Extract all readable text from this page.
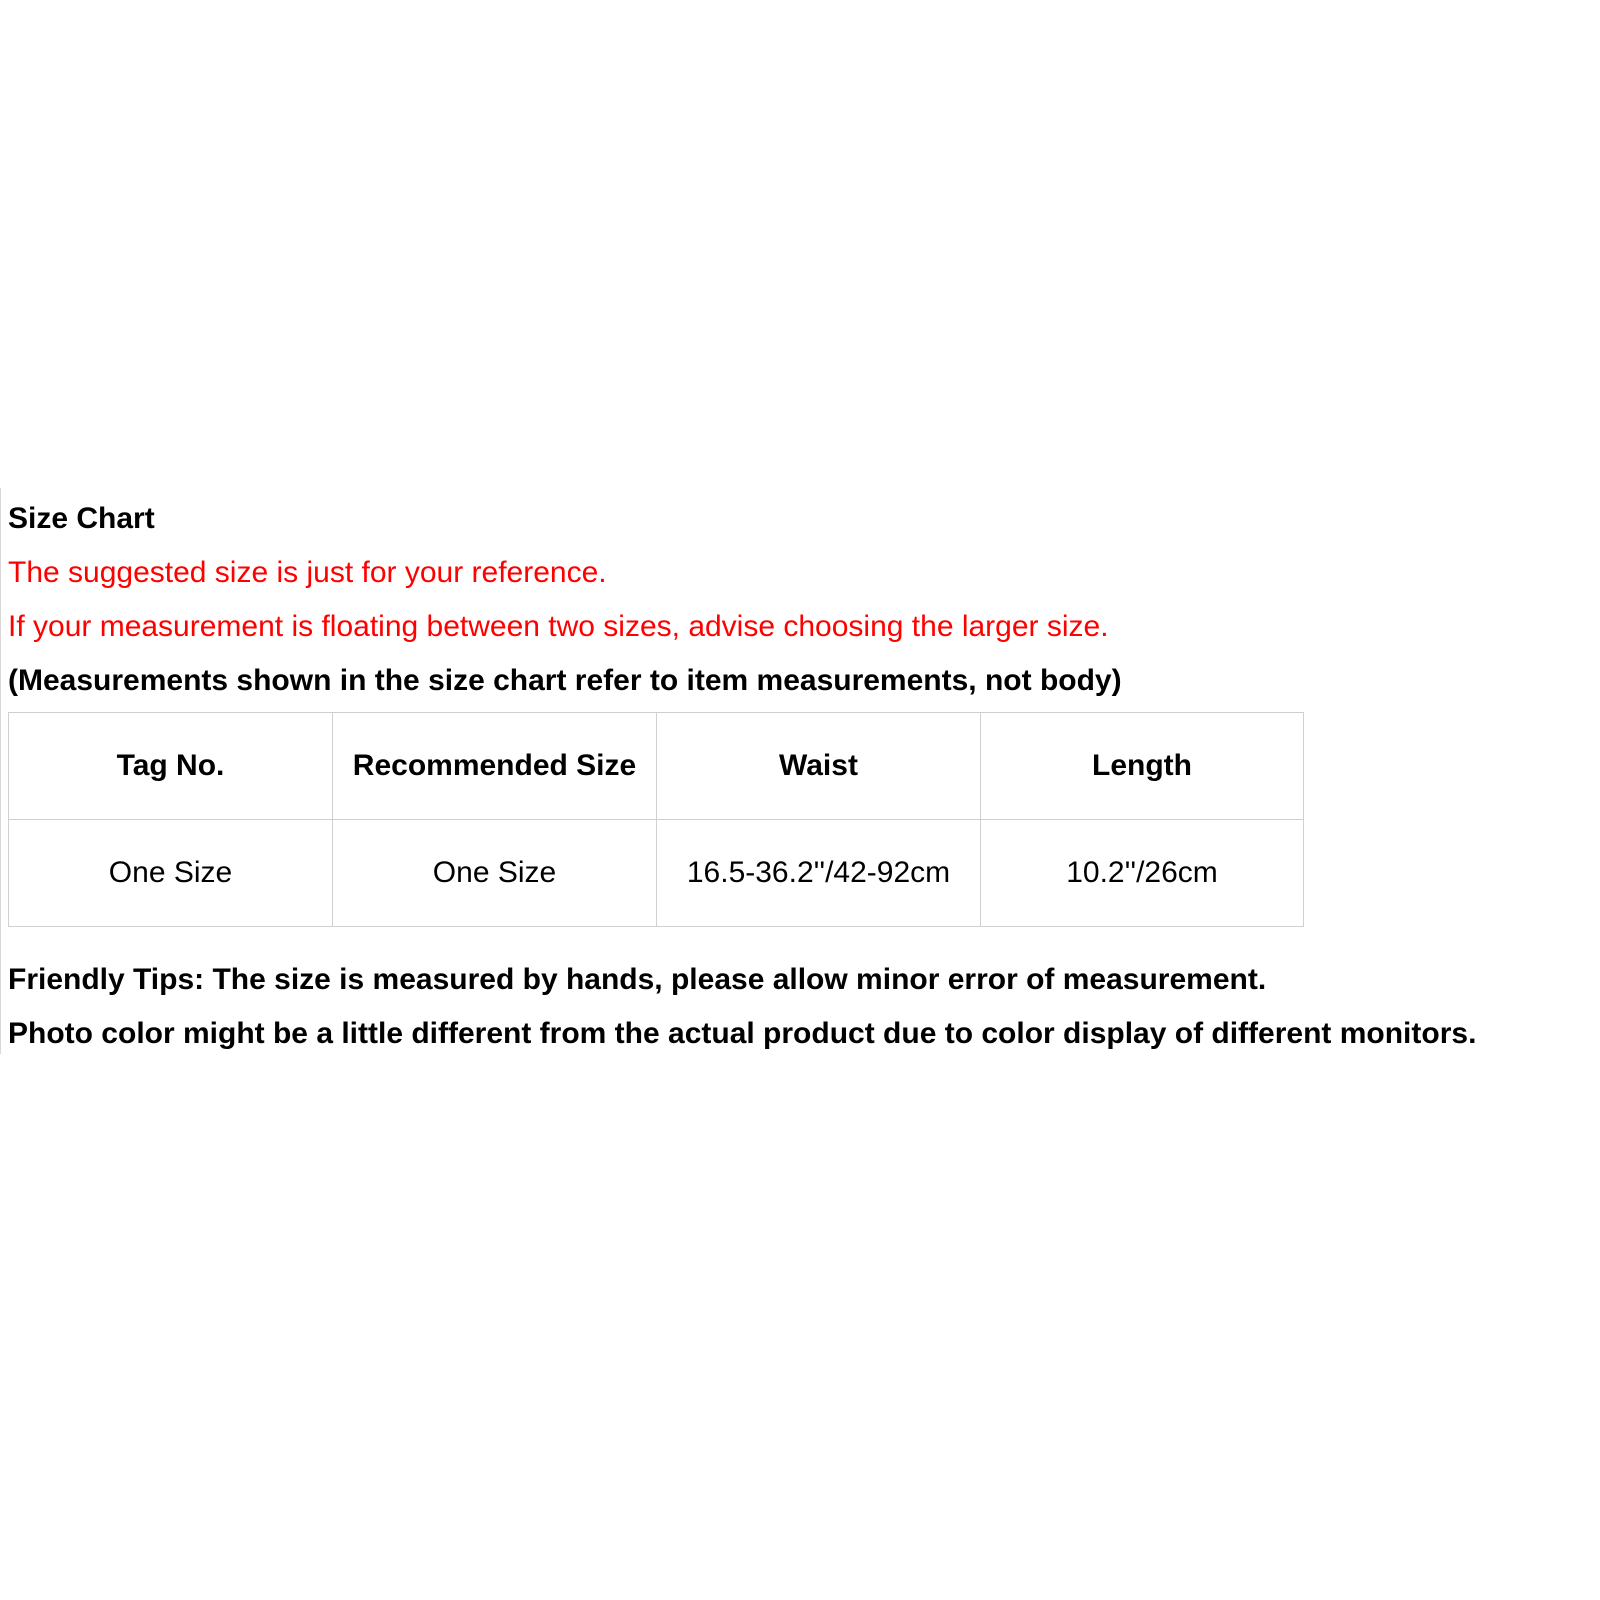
Size Chart
The suggested size is just for your reference.
If your measurement is floating between two sizes, advise choosing the larger size.
(Measurements shown in the size chart refer to item measurements, not body)
Tag No.	Recommended Size	Waist	Length
One Size	One Size	16.5-36.2''/42-92cm	10.2''/26cm
Friendly Tips: The size is measured by hands, please allow minor error of measurement.
Photo color might be a little different from the actual product due to color display of different monitors.
